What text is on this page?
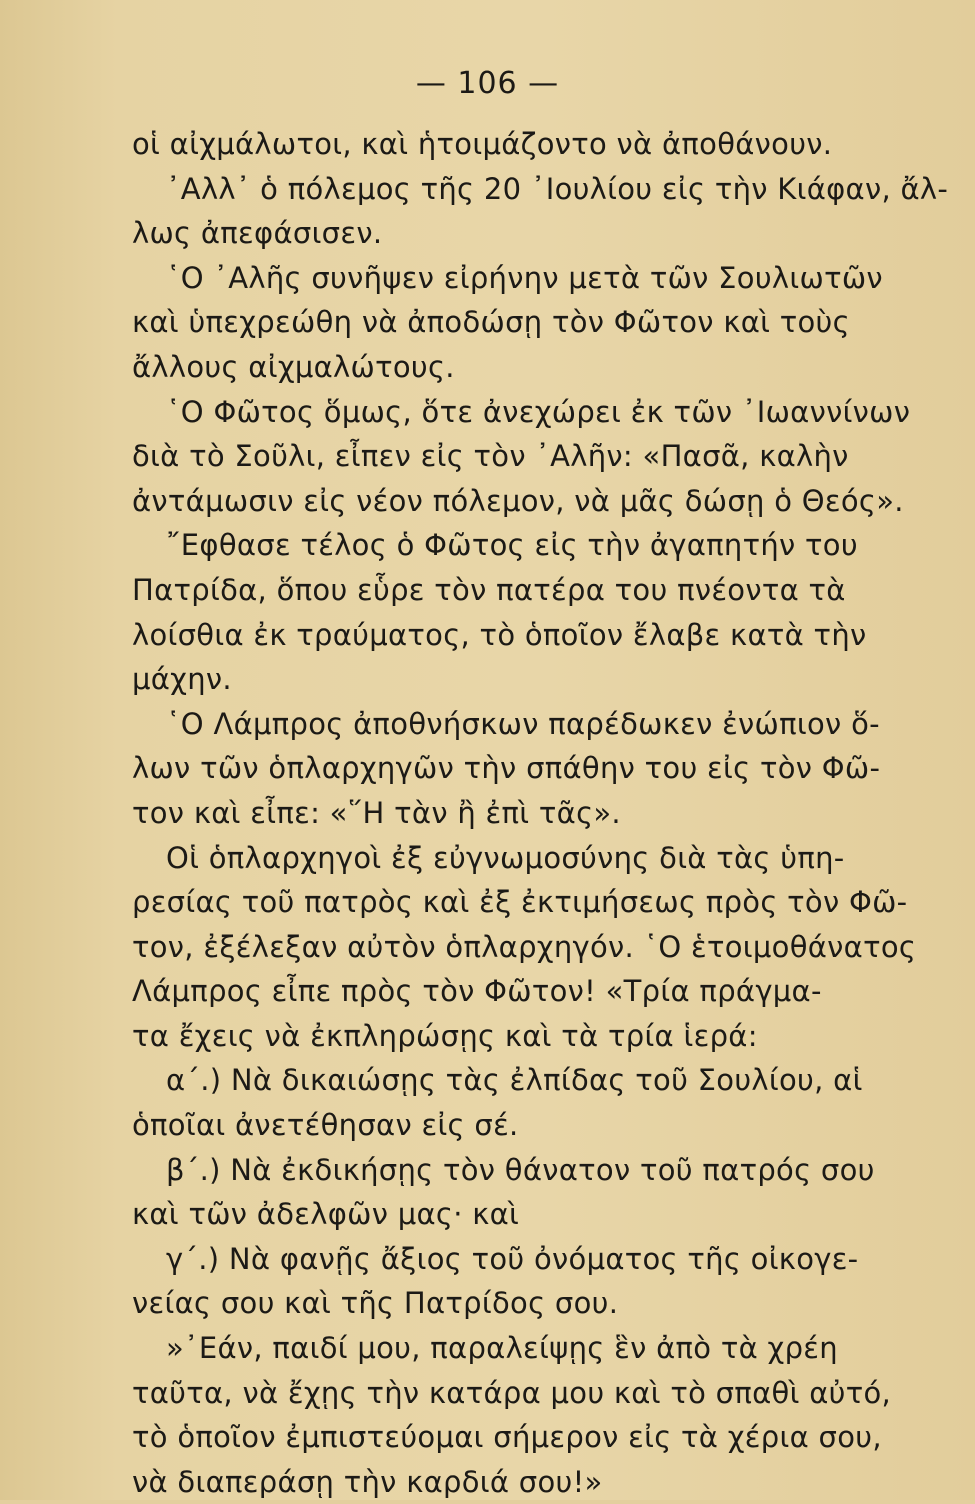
— 106 —
οἱ αἰχμάλωτοι, καὶ ἡτοιμάζοντο νὰ ἀποθάνουν.
᾽Αλλ᾽ ὁ πόλεμος τῆς 20 ᾽Ιουλίου εἰς τὴν Κιάφαν, ἄλ-
λως ἀπεφάσισεν.
῾Ο ᾽Αλῆς συνῆψεν εἰρήνην μετὰ τῶν Σουλιωτῶν
καὶ ὑπεχρεώθη νὰ ἀποδώσῃ τὸν Φῶτον καὶ τοὺς
ἄλλους αἰχμαλώτους.
῾Ο Φῶτος ὅμως, ὅτε ἀνεχώρει ἐκ τῶν ᾽Ιωαννίνων
διὰ τὸ Σοῦλι, εἶπεν εἰς τὸν ᾽Αλῆν: «Πασᾶ, καλὴν
ἀντάμωσιν εἰς νέον πόλεμον, νὰ μᾶς δώσῃ ὁ Θεός».
῎Εφθασε τέλος ὁ Φῶτος εἰς τὴν ἀγαπητήν του
Πατρίδα, ὅπου εὗρε τὸν πατέρα του πνέοντα τὰ
λοίσθια ἐκ τραύματος, τὸ ὁποῖον ἔλαβε κατὰ τὴν
μάχην.
῾Ο Λάμπρος ἀποθνήσκων παρέδωκεν ἐνώπιον ὅ-
λων τῶν ὁπλαρχηγῶν τὴν σπάθην του εἰς τὸν Φῶ-
τον καὶ εἶπε: «῞Η τὰν ἢ ἐπὶ τᾶς».
Οἱ ὁπλαρχηγοὶ ἐξ εὐγνωμοσύνης διὰ τὰς ὑπη-
ρεσίας τοῦ πατρὸς καὶ ἐξ ἐκτιμήσεως πρὸς τὸν Φῶ-
τον, ἐξέλεξαν αὐτὸν ὁπλαρχηγόν. ῾Ο ἑτοιμοθάνατος
Λάμπρος εἶπε πρὸς τὸν Φῶτον! «Τρία πράγμα-
τα ἔχεις νὰ ἐκπληρώσῃς καὶ τὰ τρία ἱερά:
α΄.) Νὰ δικαιώσῃς τὰς ἐλπίδας τοῦ Σουλίου, αἱ
ὁποῖαι ἀνετέθησαν εἰς σέ.
β΄.) Νὰ ἐκδικήσῃς τὸν θάνατον τοῦ πατρός σου
καὶ τῶν ἀδελφῶν μας· καὶ
γ΄.) Νὰ φανῇς ἄξιος τοῦ ὀνόματος τῆς οἰκογε-
νείας σου καὶ τῆς Πατρίδος σου.
»᾽Εάν, παιδί μου, παραλείψῃς ἓν ἀπὸ τὰ χρέη
ταῦτα, νὰ ἔχῃς τὴν κατάρα μου καὶ τὸ σπαθὶ αὐτό,
τὸ ὁποῖον ἐμπιστεύομαι σήμερον εἰς τὰ χέρια σου,
νὰ διαπεράσῃ τὴν καρδιά σου!»
